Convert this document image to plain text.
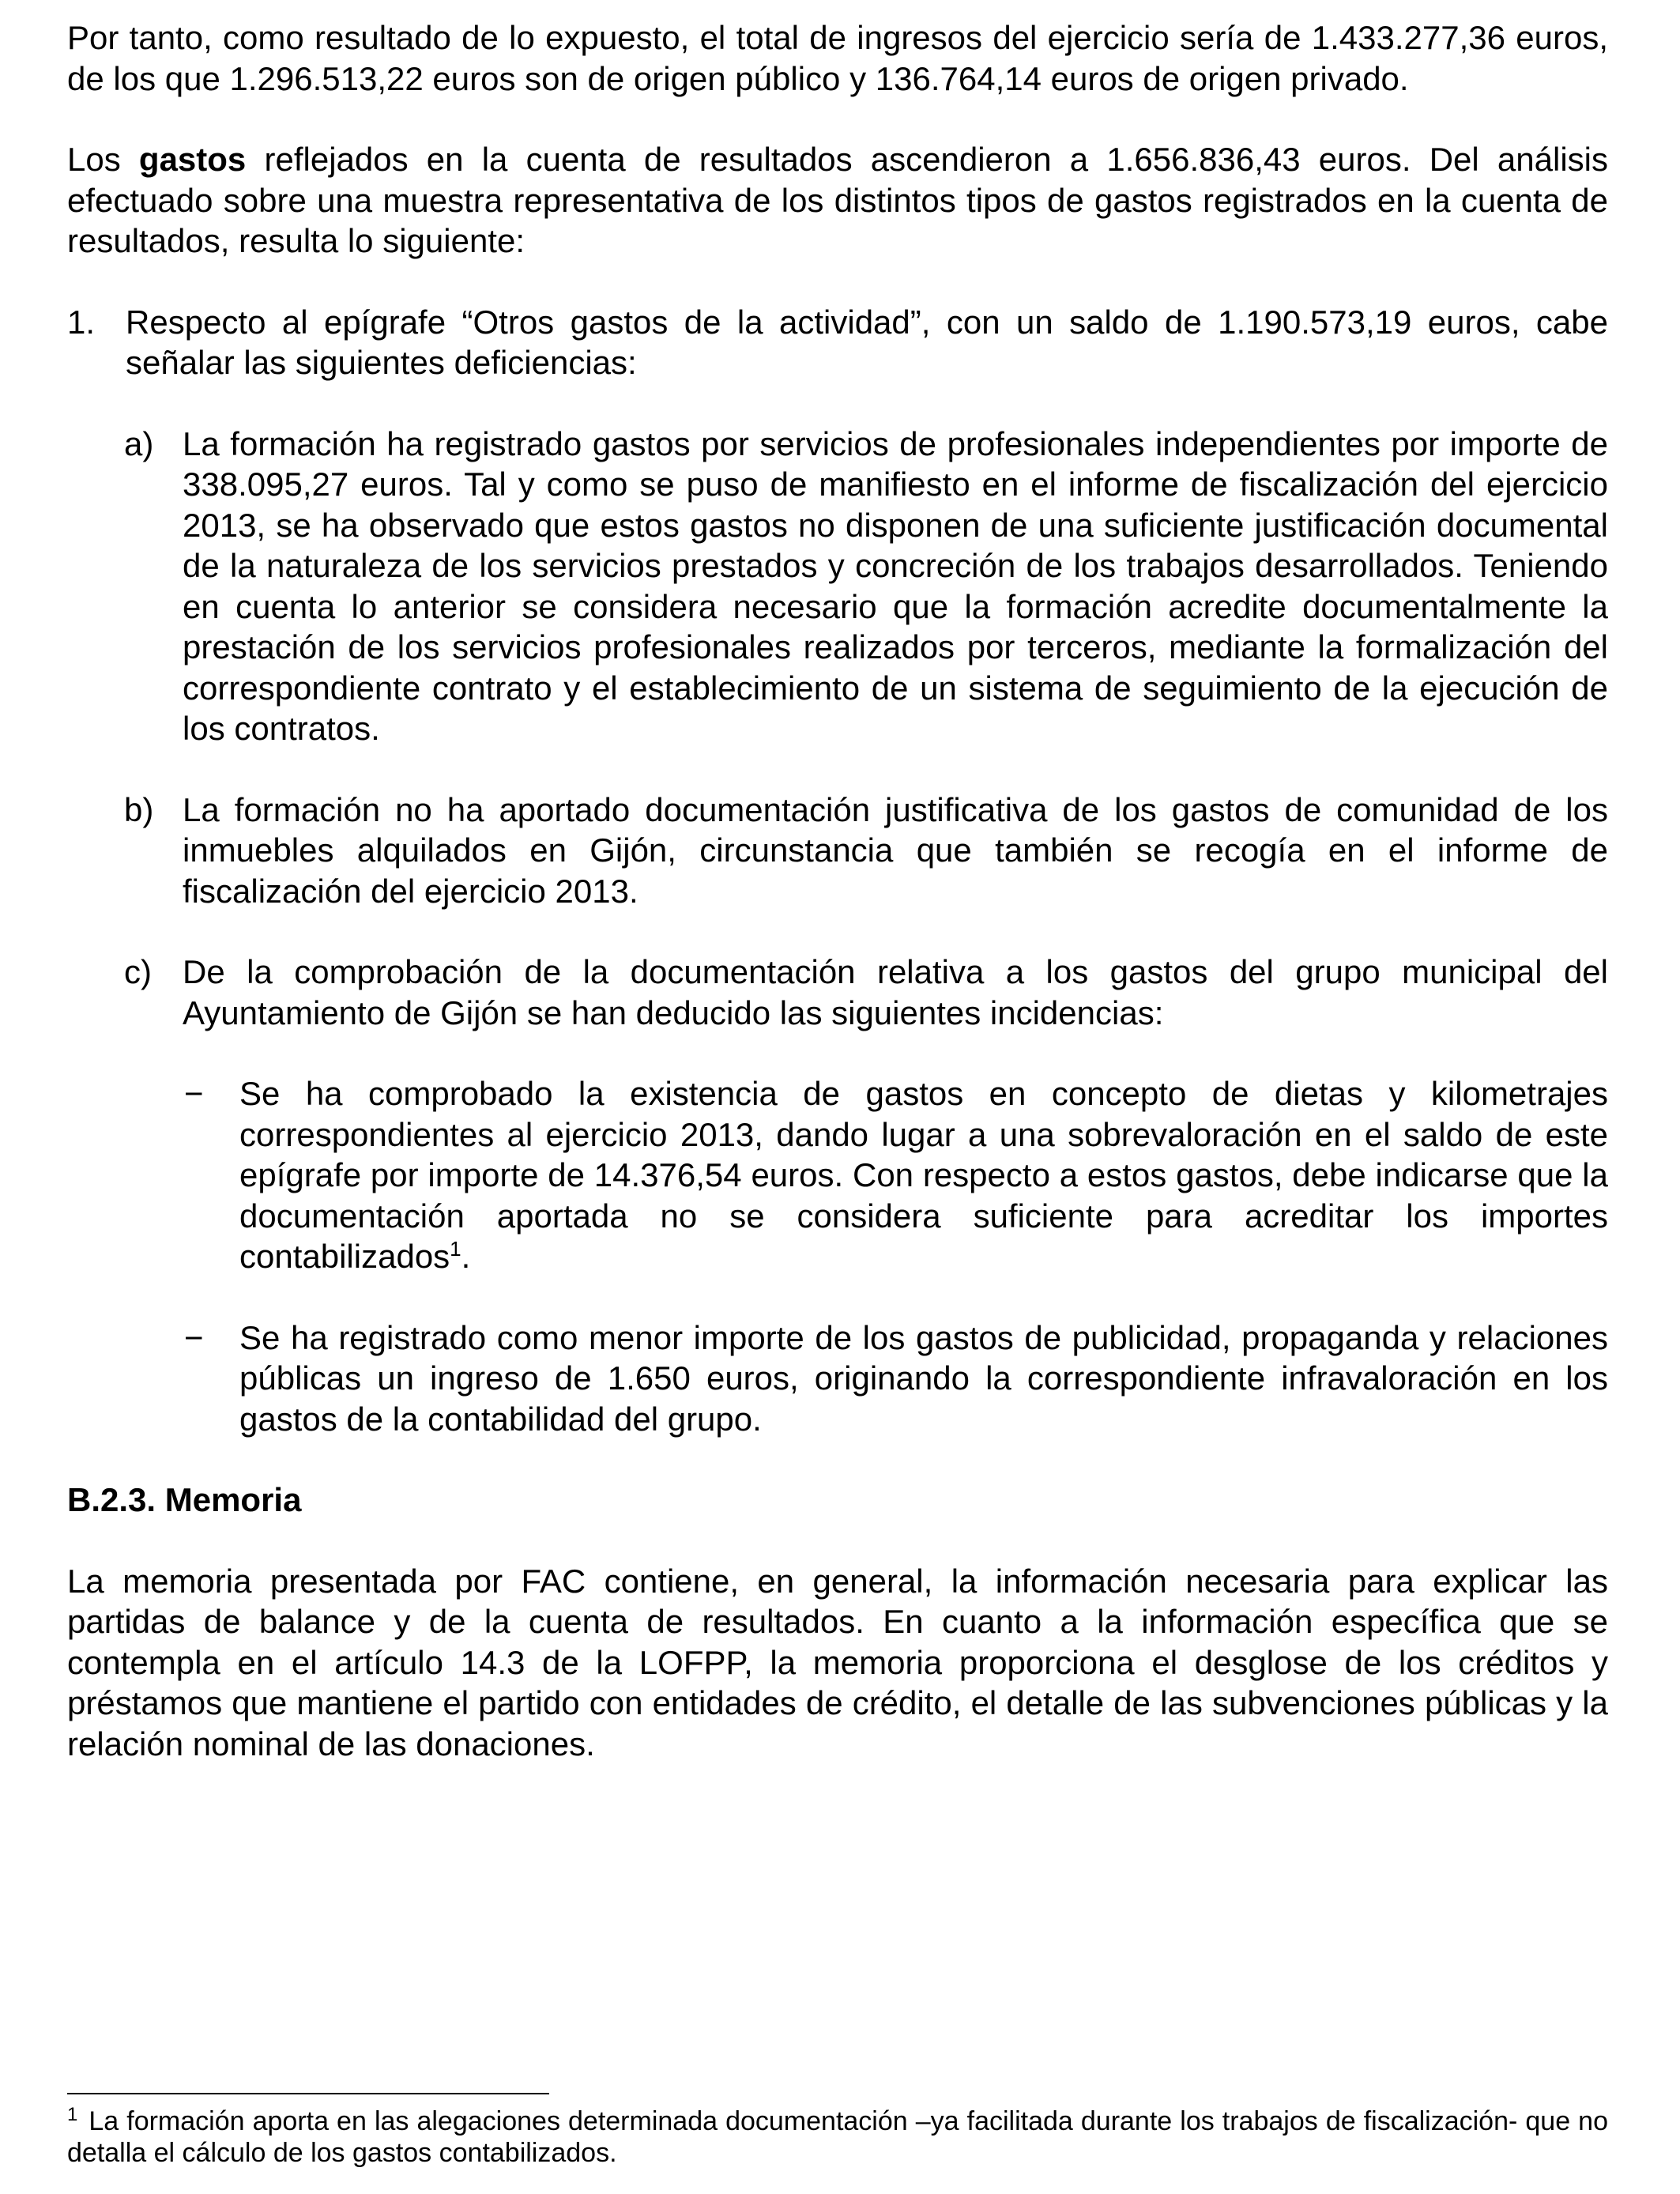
Por tanto, como resultado de lo expuesto, el total de ingresos del ejercicio sería de 1.433.277,36 euros, de los que 1.296.513,22 euros son de origen público y 136.764,14 euros de origen privado.

Los gastos reflejados en la cuenta de resultados ascendieron a 1.656.836,43 euros. Del análisis efectuado sobre una muestra representativa de los distintos tipos de gastos registrados en la cuenta de resultados, resulta lo siguiente:

1. Respecto al epígrafe “Otros gastos de la actividad”, con un saldo de 1.190.573,19 euros, cabe señalar las siguientes deficiencias:

a) La formación ha registrado gastos por servicios de profesionales independientes por importe de 338.095,27 euros. Tal y como se puso de manifiesto en el informe de fiscalización del ejercicio 2013, se ha observado que estos gastos no disponen de una suficiente justificación documental de la naturaleza de los servicios prestados y concreción de los trabajos desarrollados. Teniendo en cuenta lo anterior se considera necesario que la formación acredite documentalmente la prestación de los servicios profesionales realizados por terceros, mediante la formalización del correspondiente contrato y el establecimiento de un sistema de seguimiento de la ejecución de los contratos.

b) La formación no ha aportado documentación justificativa de los gastos de comunidad de los inmuebles alquilados en Gijón, circunstancia que también se recogía en el informe de fiscalización del ejercicio 2013.

c) De la comprobación de la documentación relativa a los gastos del grupo municipal del Ayuntamiento de Gijón se han deducido las siguientes incidencias:

− Se ha comprobado la existencia de gastos en concepto de dietas y kilometrajes correspondientes al ejercicio 2013, dando lugar a una sobrevaloración en el saldo de este epígrafe por importe de 14.376,54 euros. Con respecto a estos gastos, debe indicarse que la documentación aportada no se considera suficiente para acreditar los importes contabilizados$^1$.

− Se ha registrado como menor importe de los gastos de publicidad, propaganda y relaciones públicas un ingreso de 1.650 euros, originando la correspondiente infravaloración en los gastos de la contabilidad del grupo.

B.2.3. Memoria

La memoria presentada por FAC contiene, en general, la información necesaria para explicar las partidas de balance y de la cuenta de resultados. En cuanto a la información específica que se contempla en el artículo 14.3 de la LOFPP, la memoria proporciona el desglose de los créditos y préstamos que mantiene el partido con entidades de crédito, el detalle de las subvenciones públicas y la relación nominal de las donaciones.

$^1$ La formación aporta en las alegaciones determinada documentación –ya facilitada durante los trabajos de fiscalización- que no detalla el cálculo de los gastos contabilizados.
